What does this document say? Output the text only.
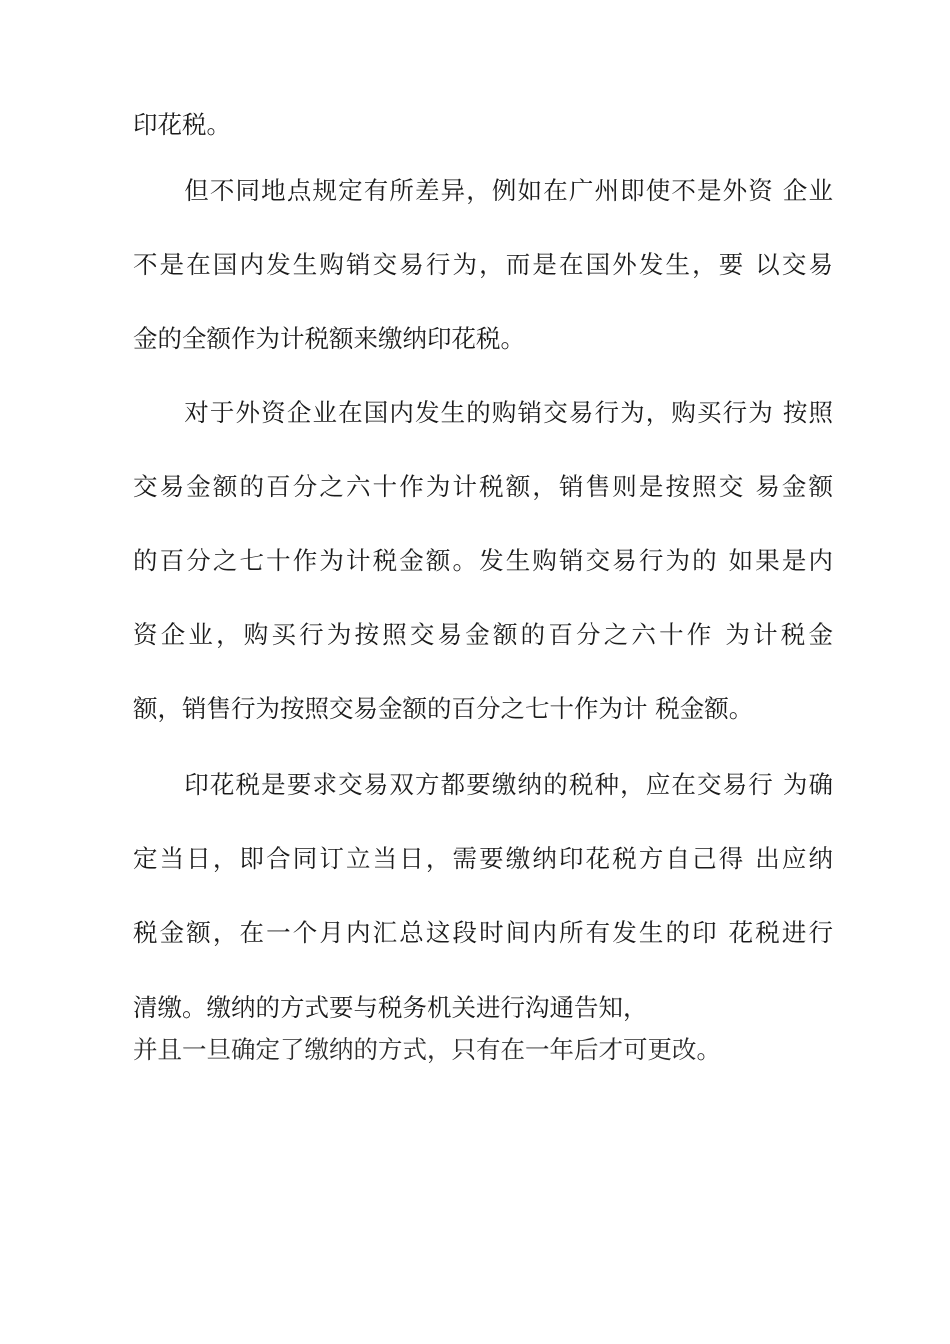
印花税。
　　但不同地点规定有所差异，例如在广州即使不是外资 企业
不是在国内发生购销交易行为，而是在国外发生，要 以交易
金的全额作为计税额来缴纳印花税。
　　对于外资企业在国内发生的购销交易行为，购买行为 按照
交易金额的百分之六十作为计税额，销售则是按照交 易金额
的百分之七十作为计税金额。发生购销交易行为的 如果是内
资企业，购买行为按照交易金额的百分之六十作 为计税金
额，销售行为按照交易金额的百分之七十作为计 税金额。
　　印花税是要求交易双方都要缴纳的税种，应在交易行 为确
定当日，即合同订立当日，需要缴纳印花税方自己得 出应纳
税金额，在一个月内汇总这段时间内所有发生的印 花税进行
清缴。缴纳的方式要与税务机关进行沟通告知，
并且一旦确定了缴纳的方式，只有在一年后才可更改。
